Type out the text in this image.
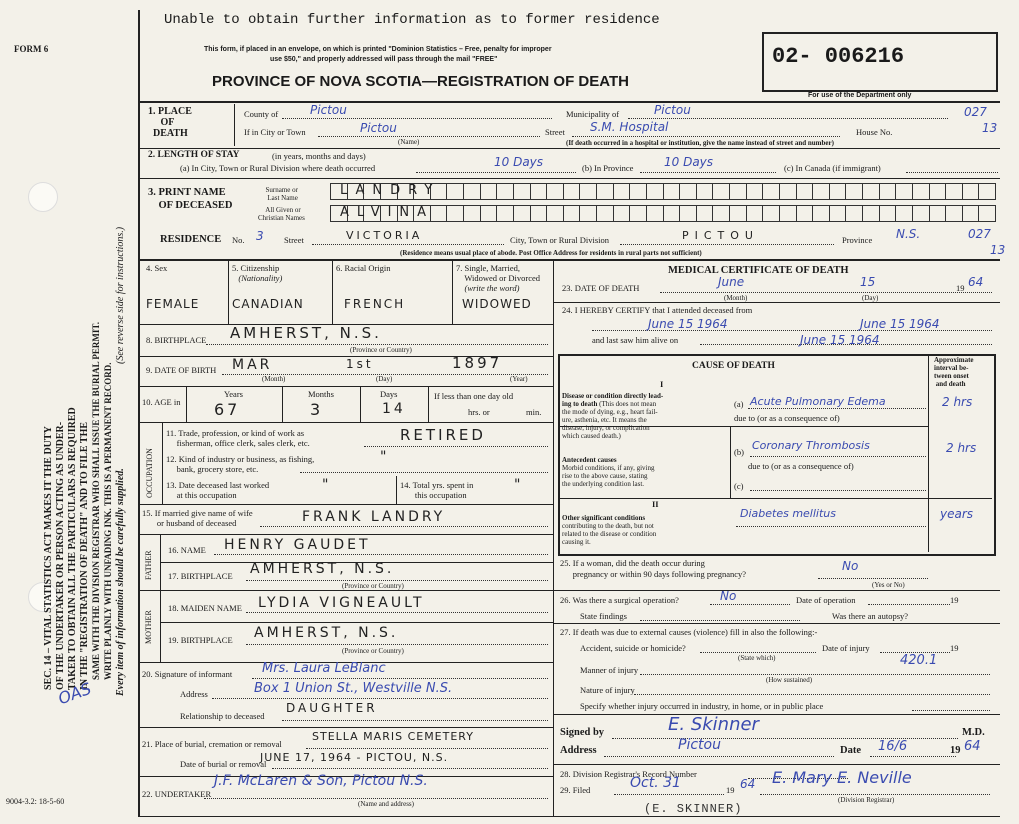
FORM 6
SEC. 14 – VITAL STATISTICS ACT MAKES IT THE DUTY OF THE UNDERTAKER OR PERSON ACTING AS UNDER- TAKER TO OBTAIN ALL THE PARTICULARS AS REQUIRED IN THE "REGISTRATION OF DEATH" AND TO FILE THE SAME WITH THE DIVISION REGISTRAR WHO SHALL ISSUE THE BURIAL PERMIT. WRITE PLAINLY WITH UNFADING INK. THIS IS A PERMANENT RECORD. Every item of information should be carefully supplied.
(See reverse side for instructions.)
OAS
9004-3.2: 18-5-60
Unable to obtain further information as to former residence
This form, if placed in an envelope, on which is printed "Dominion Statistics – Free, penalty for improper
use $50," and properly addressed will pass through the mail "FREE"
PROVINCE OF NOVA SCOTIA—REGISTRATION OF DEATH
02- 006216
For use of the Department only
1. PLACE
OF
DEATH
County of	Pictou	Municipality of	Pictou	027
If in City or Town	Pictou
(Name)
Street S.M. Hospital	House No.	13
(If death occurred in a hospital or institution, give the name instead of street and number)
2. LENGTH OF STAY	(in years, months and days)
(a) In City, Town or Rural Division where death occurred	10 Days	(b) In Province	10 Days	(c) In Canada (if immigrant)
3. PRINT NAME
OF DECEASED
Surname or
Last Name
All Given or
Christian Names
LANDRY
ALVINA
RESIDENCE No. 3 Street	VICTORIA	City, Town or Rural Division	PICTOU	Province N.S.	027
13
(Residence means usual place of abode. Post Office Address for residents in rural parts not sufficient)
4. Sex	5. Citizenship
(Nationality)
6. Racial Origin	7. Single, Married,
Widowed or Divorced
(write the word)
FEMALE	CANADIAN	FRENCH	WIDOWED
8. BIRTHPLACE AMHERST, N.S.
(Province or Country)
9. DATE OF BIRTH MAR	1st	1897
(Month)	(Day)	(Year)
10. AGE in
Years	Months	Days
67	3	14
If less than one day old
hrs. or	min.
OCCUPATION
11. Trade, profession, or kind of work as
fisherman, office clerk, sales clerk, etc.	RETIRED
12. Kind of industry or business, as fishing,
bank, grocery store, etc.
"
13. Date deceased last worked
at this occupation
"	14. Total yrs. spent in
this occupation
"
15. If married give name of wife
or husband of deceased	FRANK LANDRY
FATHER
16. NAME HENRY GAUDET
17. BIRTHPLACE AMHERST, N.S.
(Province or Country)
MOTHER
18. MAIDEN NAME LYDIA VIGNEAULT
19. BIRTHPLACE AMHERST, N.S.
(Province or Country)
20. Signature of informant Mrs. Laura LeBlanc
Address	Box 1 Union St., Westville N.S.
Relationship to deceased
DAUGHTER
21. Place of burial, cremation or removal
STELLA MARIS CEMETERY
Date of burial or removal
JUNE 17, 1964 - PICTOU, N.S.
22. UNDERTAKER
J.F. McLaren & Son, Pictou N.S.
(Name and address)
MEDICAL CERTIFICATE OF DEATH
23. DATE OF DEATH	June	15	19 64
(Month)	(Day)
24. I HEREBY CERTIFY that I attended deceased from
June 15 1964	June 15 1964
and last saw him alive on	June 15 1964
CAUSE OF DEATH
Approximate
interval be-
tween onset
and death
I
Disease or condition directly lead-
ing to death (This does not mean
the mode of dying, e.g., heart fail-
ure, asthenia, etc. It means the
disease, injury, or complication
which caused death.)
(a) Acute Pulmonary Edema	2 hrs
due to (or as a consequence of)
Antecedent causes
Morbid conditions, if any, giving
rise to the above cause, stating
the underlying condition last.
(b) Coronary Thrombosis	2 hrs
due to (or as a consequence of)
(c)
II
Other significant conditions
contributing to the death, but not
related to the disease or condition
causing it.
Diabetes mellitus	years
25. If a woman, did the death occur during
pregnancy or within 90 days following pregnancy?
No
(Yes or No)
26. Was there a surgical operation?	No	Date of operation	19
State findings	Was there an autopsy?
27. If death was due to external causes (violence) fill in also the following:-
Accident, suicide or homicide?
(State which)
Date of injury	19
Manner of injury
420.1
(How sustained)
Nature of injury
Specify whether injury occurred in industry, in home, or in public place
Signed by	E. Skinner	M.D.
Address	Pictou	Date 16/6	19 64
28. Division Registrar's Record Number
29. Filed	Oct. 31	19 64 E. Mary E. Neville
(Division Registrar)
(E. SKINNER)
